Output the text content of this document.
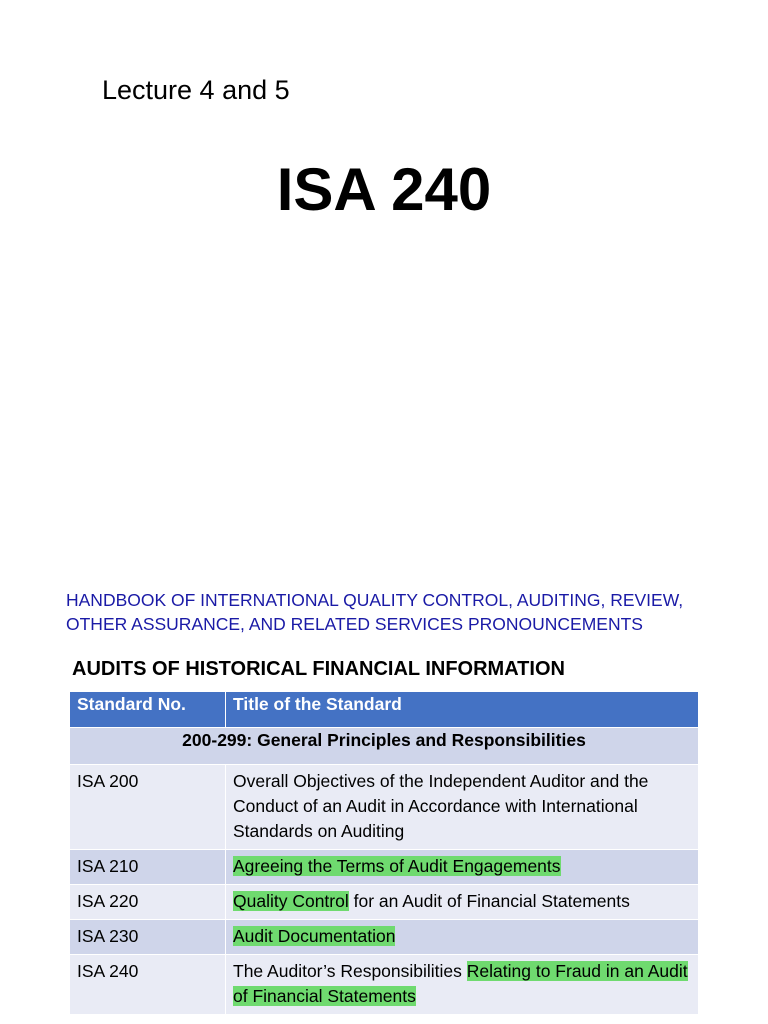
Lecture 4 and 5
ISA 240
HANDBOOK OF INTERNATIONAL QUALITY CONTROL, AUDITING, REVIEW,
OTHER ASSURANCE, AND RELATED SERVICES PRONOUNCEMENTS
AUDITS OF HISTORICAL FINANCIAL INFORMATION
Standard No.	Title of the Standard
200-299: General Principles and Responsibilities	
ISA 200	Overall Objectives of the Independent Auditor and the Conduct of an Audit in Accordance with International Standards on Auditing
ISA 210	Agreeing the Terms of Audit Engagements
ISA 220	Quality Control for an Audit of Financial Statements
ISA 230	Audit Documentation
ISA 240	The Auditor’s Responsibilities Relating to Fraud in an Audit of Financial Statements
